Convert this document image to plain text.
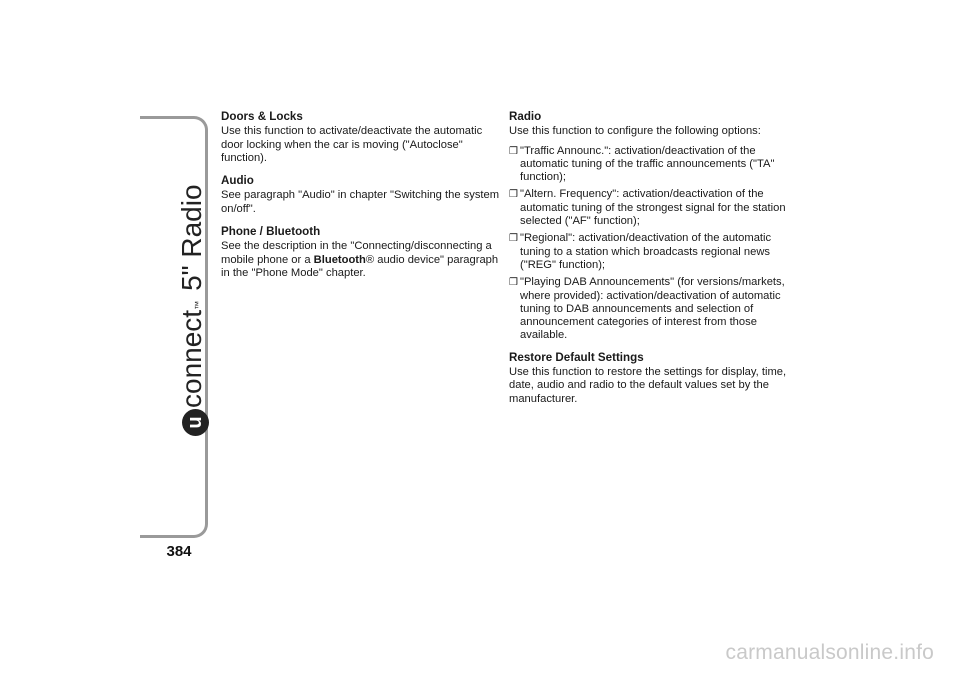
u
connect
™
5" Radio
384
Doors & Locks

Use this function to activate/deactivate the automatic door locking when the car is moving ("Autoclose" function).

Audio

See paragraph "Audio" in chapter "Switching the system on/off".

Phone / Bluetooth

See the description in the "Connecting/disconnecting a mobile phone or a Bluetooth® audio device" paragraph in the "Phone Mode" chapter.

Radio

Use this function to configure the following options:

❒ "Traffic Announc.": activation/deactivation of the automatic tuning of the traffic announcements ("TA" function);
❒ "Altern. Frequency": activation/deactivation of the automatic tuning of the strongest signal for the station selected ("AF" function);
❒ "Regional": activation/deactivation of the automatic tuning to a station which broadcasts regional news ("REG" function);
❒ "Playing DAB Announcements" (for versions/markets, where provided): activation/deactivation of automatic tuning to DAB announcements and selection of announcement categories of interest from those available.
Restore Default Settings

Use this function to restore the settings for display, time, date, audio and radio to the default values set by the manufacturer.

carmanualsonline.info
